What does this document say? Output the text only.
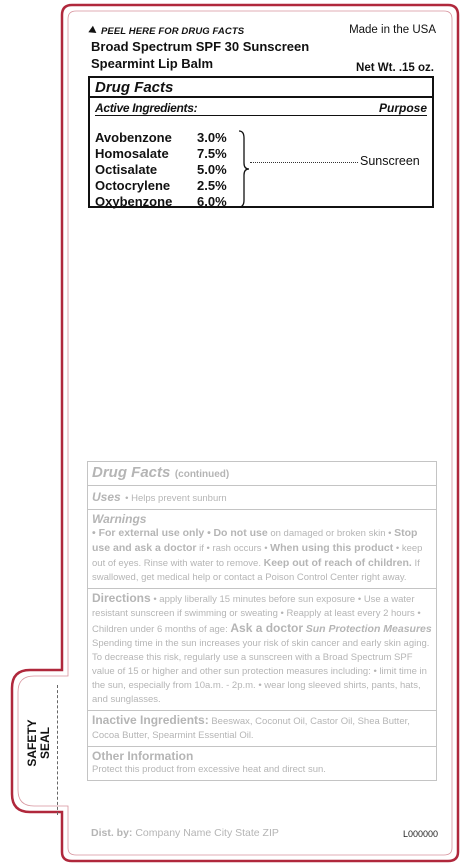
SAFETY SEAL
PEEL HERE FOR DRUG FACTS	Made in the USA
Broad Spectrum SPF 30 Sunscreen
Spearmint Lip Balm	Net Wt. .15 oz.
Drug Facts
Active Ingredients:	Purpose
Avobenzone 3.0%
Homosalate 7.5%
Octisalate	5.0%
Octocrylene 2.5%
Oxybenzone 6.0%
Sunscreen
Drug Facts (continued)
Uses • Helps prevent sunburn
Warnings
• For external use only • Do not use on damaged or broken skin • Stop use and ask a doctor if • rash occurs • When using this product • keep out of eyes. Rinse with water to remove. Keep out of reach of children. If swallowed, get medical help or contact a Poison Control Center right away.
Directions • apply liberally 15 minutes before sun exposure • Use a water resistant sunscreen if swimming or sweating • Reapply at least every 2 hours • Children under 6 months of age: Ask a doctor Sun Protection Measures Spending time in the sun increases your risk of skin cancer and early skin aging. To decrease this risk, regularly use a sunscreen with a Broad Spectrum SPF value of 15 or higher and other sun protection measures including: • limit time in the sun, especially from 10a.m. - 2p.m. • wear long sleeved shirts, pants, hats, and sunglasses.
Inactive Ingredients: Beeswax, Coconut Oil, Castor Oil, Shea Butter, Cocoa Butter, Spearmint Essential Oil.
Other Information
Protect this product from excessive heat and direct sun.
Dist. by: Company Name City State ZIP	L000000
